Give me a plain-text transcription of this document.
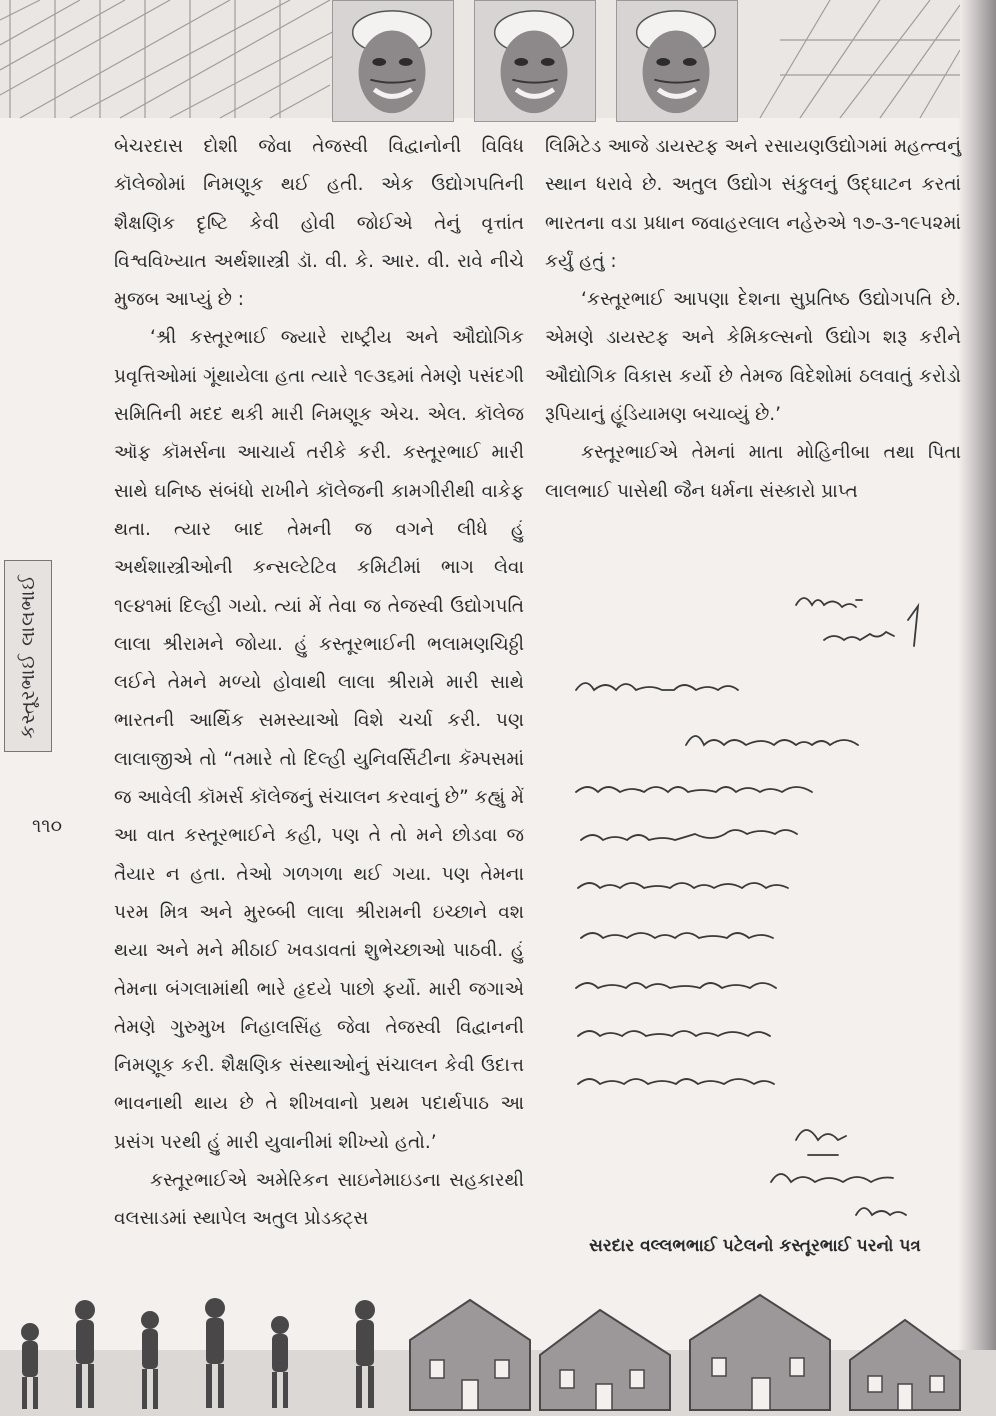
બેચરદાસ દોશી જેવા તેજસ્વી વિદ્વાનોની વિવિધ કૉલેજોમાં નિમણૂક થઈ હતી. એક ઉદ્યોગપતિની શૈક્ષણિક દૃષ્ટિ કેવી હોવી જોઈએ તેનું વૃત્તાંત વિશ્વવિખ્યાત અર્થશાસ્ત્રી ડૉ. વી. કે. આર. વી. રાવે નીચે મુજબ આપ્યું છે :

‘શ્રી કસ્તૂરભાઈ જ્યારે રાષ્ટ્રીય અને ઔદ્યોગિક પ્રવૃત્તિઓમાં ગૂંથાયેલા હતા ત્યારે ૧૯૩૬માં તેમણે પસંદગી સમિતિની મદદ થકી મારી નિમણૂક એચ. એલ. કૉલેજ ઑફ કૉમર્સના આચાર્ય તરીકે કરી. કસ્તૂરભાઈ મારી સાથે ઘનિષ્ઠ સંબંધો રાખીને કૉલેજની કામગીરીથી વાકેફ થતા. ત્યાર બાદ તેમની જ વગને લીધે હું અર્થશાસ્ત્રીઓની કન્સલ્ટેટિવ કમિટીમાં ભાગ લેવા ૧૯૪૧માં દિલ્હી ગયો. ત્યાં મેં તેવા જ તેજસ્વી ઉદ્યોગપતિ લાલા શ્રીરામને જોયા. હું કસ્તૂરભાઈની ભલામણચિઠ્ઠી લઈને તેમને મળ્યો હોવાથી લાલા શ્રીરામે મારી સાથે ભારતની આર્થિક સમસ્યાઓ વિશે ચર્ચા કરી. પણ લાલાજીએ તો “તમારે તો દિલ્હી યુનિવર્સિટીના કૅમ્પસમાં જ આવેલી કૉમર્સ કૉલેજનું સંચાલન કરવાનું છે” કહ્યું મેં આ વાત કસ્તૂરભાઈને કહી, પણ તે તો મને છોડવા જ તૈયાર ન હતા. તેઓ ગળગળા થઈ ગયા. પણ તેમના પરમ મિત્ર અને મુરબ્બી લાલા શ્રીરામની ઇચ્છાને વશ થયા અને મને મીઠાઈ ખવડાવતાં શુભેચ્છાઓ પાઠવી. હું તેમના બંગલામાંથી ભારે હૃદયે પાછો ફર્યો. મારી જગાએ તેમણે ગુરુમુખ નિહાલસિંહ જેવા તેજસ્વી વિદ્વાનની નિમણૂક કરી. શૈક્ષણિક સંસ્થાઓનું સંચાલન કેવી ઉદાત્ત ભાવનાથી થાય છે તે શીખવાનો પ્રથમ પદાર્થપાઠ આ પ્રસંગ પરથી હું મારી યુવાનીમાં શીખ્યો હતો.’

કસ્તૂરભાઈએ અમેરિકન સાઇનેમાઇડના સહકારથી વલસાડમાં સ્થાપેલ અતુલ પ્રોડક્ટ્સ

લિમિટેડ આજે ડાયસ્ટફ અને રસાયણઉદ્યોગમાં મહત્ત્વનું સ્થાન ધરાવે છે. અતુલ ઉદ્યોગ સંકુલનું ઉદ્‌ઘાટન કરતાં ભારતના વડા પ્રધાન જવાહરલાલ નહેરુએ ૧૭-૩-૧૯૫૨માં કર્યું હતું :

‘કસ્તૂરભાઈ આપણા દેશના સુપ્રતિષ્ઠ ઉદ્યોગપતિ છે. એમણે ડાયસ્ટફ અને કેમિકલ્સનો ઉદ્યોગ શરૂ કરીને ઔદ્યોગિક વિકાસ કર્યો છે તેમજ વિદેશોમાં ઠલવાતું કરોડો રૂપિયાનું હૂંડિયામણ બચાવ્યું છે.’

કસ્તૂરભાઈએ તેમનાં માતા મોહિનીબા તથા પિતા લાલભાઈ પાસેથી જૈન ધર્મના સંસ્કારો પ્રાપ્ત

કસ્તૂરભાઈ લાલભાઈ
૧૧૦
સરદાર વલ્લભભાઈ પટેલનો કસ્તૂરભાઈ પરનો પત્ર
